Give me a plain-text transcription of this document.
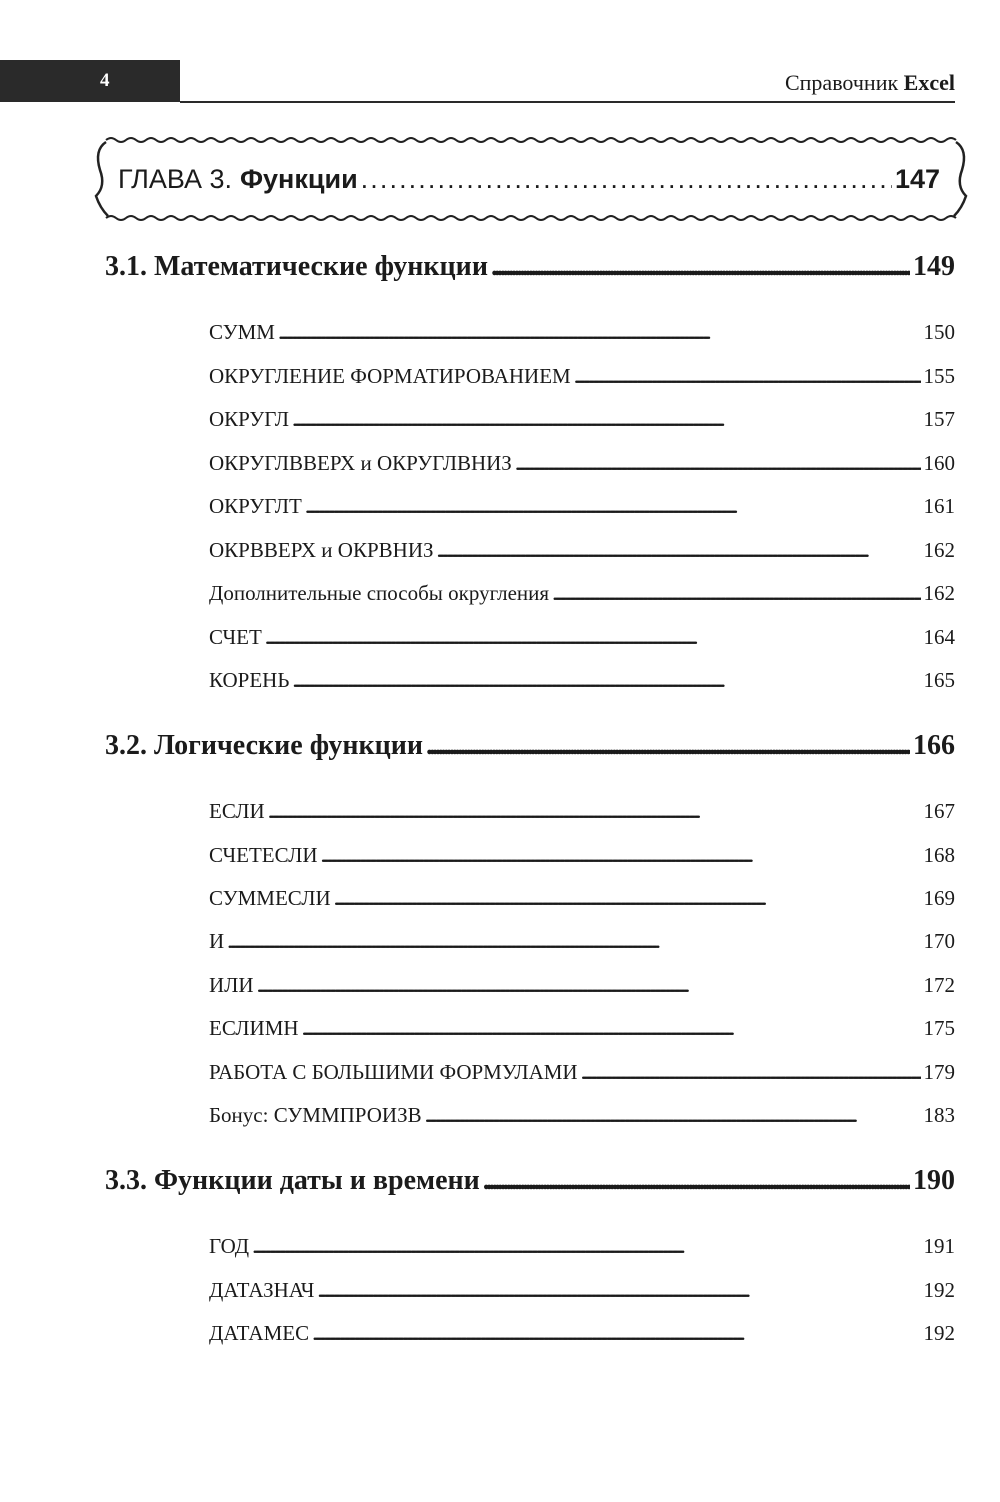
4	Справочник Excel
ГЛАВА 3. Функции . . .	147
3.1. Математические функции . . .	149
СУММ . . .	150
ОКРУГЛЕНИЕ ФОРМАТИРОВАНИЕМ . . .	155
ОКРУГЛ . . .	157
ОКРУГЛВВЕРХ и ОКРУГЛВНИЗ . . .	160
ОКРУГЛТ . . .	161
ОКРВВЕРХ и ОКРВНИЗ . . .	162
Дополнительные способы округления . . .	162
СЧЕТ . . .	164
КОРЕНЬ . . .	165
3.2. Логические функции . . .	166
ЕСЛИ . . .	167
СЧЕТЕСЛИ . . .	168
СУММЕСЛИ . . .	169
И . . .	170
ИЛИ . . .	172
ЕСЛИМН . . .	175
РАБОТА С БОЛЬШИМИ ФОРМУЛАМИ . . .	179
Бонус: СУММПРОИЗВ . . .	183
3.3. Функции даты и времени . . .	190
ГОД . . .	191
ДАТАЗНАЧ . . .	192
ДАТАМЕС . . .	192
